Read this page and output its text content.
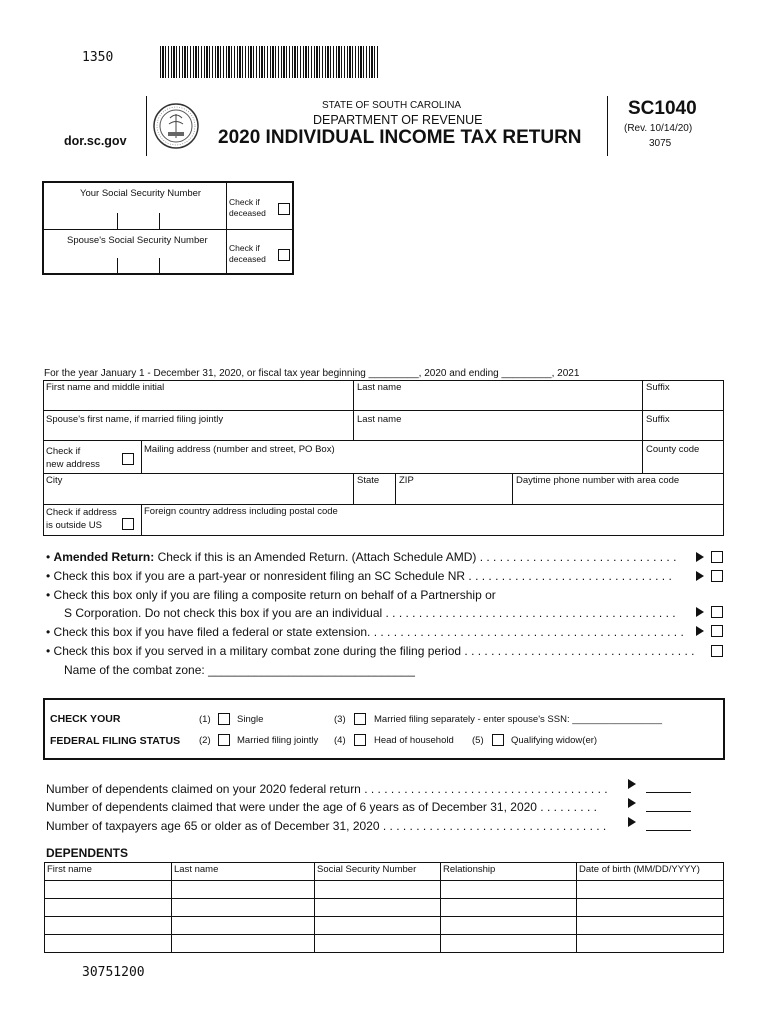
1350
dor.sc.gov
STATE OF SOUTH CAROLINA
DEPARTMENT OF REVENUE
2020 INDIVIDUAL INCOME TAX RETURN
SC1040
(Rev. 10/14/20)
3075
Your Social Security Number
Check if
deceased
Spouse's Social Security Number
Check if
deceased
For the year January 1 - December 31, 2020, or fiscal tax year beginning _________, 2020 and ending _________, 2021
First name and middle initial	Last name	Suffix
Spouse's first name, if married filing jointly	Last name	Suffix
Check if
new address
Mailing address (number and street, PO Box)	County code
City	State ZIP	Daytime phone number with area code
Check if address
is outside US
Foreign country address including postal code
• Amended Return: Check if this is an Amended Return. (Attach Schedule AMD) . . . . . . . . . . . . . . . . . . . . . . . . . . . . . .
• Check this box if you are a part-year or nonresident filing an SC Schedule NR . . . . . . . . . . . . . . . . . . . . . . . . . . . . . . .
• Check this box only if you are filing a composite return on behalf of a Partnership or
S Corporation. Do not check this box if you are an individual . . . . . . . . . . . . . . . . . . . . . . . . . . . . . . . . . . . . . . . . . . . .
• Check this box if you have filed a federal or state extension. . . . . . . . . . . . . . . . . . . . . . . . . . . . . . . . . . . . . . . . . . . . . . . .
• Check this box if you served in a military combat zone during the filing period . . . . . . . . . . . . . . . . . . . . . . . . . . . . . . . . . . .
Name of the combat zone: _______________________________
CHECK YOUR
FEDERAL FILING STATUS
(1)	Single	(3)	Married filing separately - enter spouse's SSN: _________________
(2)	Married filing jointly (4)	Head of household (5)	Qualifying widow(er)
Number of dependents claimed on your 2020 federal return . . . . . . . . . . . . . . . . . . . . . . . . . . . . . . . . . . . . .
Number of dependents claimed that were under the age of 6 years as of December 31, 2020 . . . . . . . . .
Number of taxpayers age 65 or older as of December 31, 2020 . . . . . . . . . . . . . . . . . . . . . . . . . . . . . . . . . .
DEPENDENTS
First name	Last name	Social Security Number	Relationship	Date of birth (MM/DD/YYYY)

30751200
